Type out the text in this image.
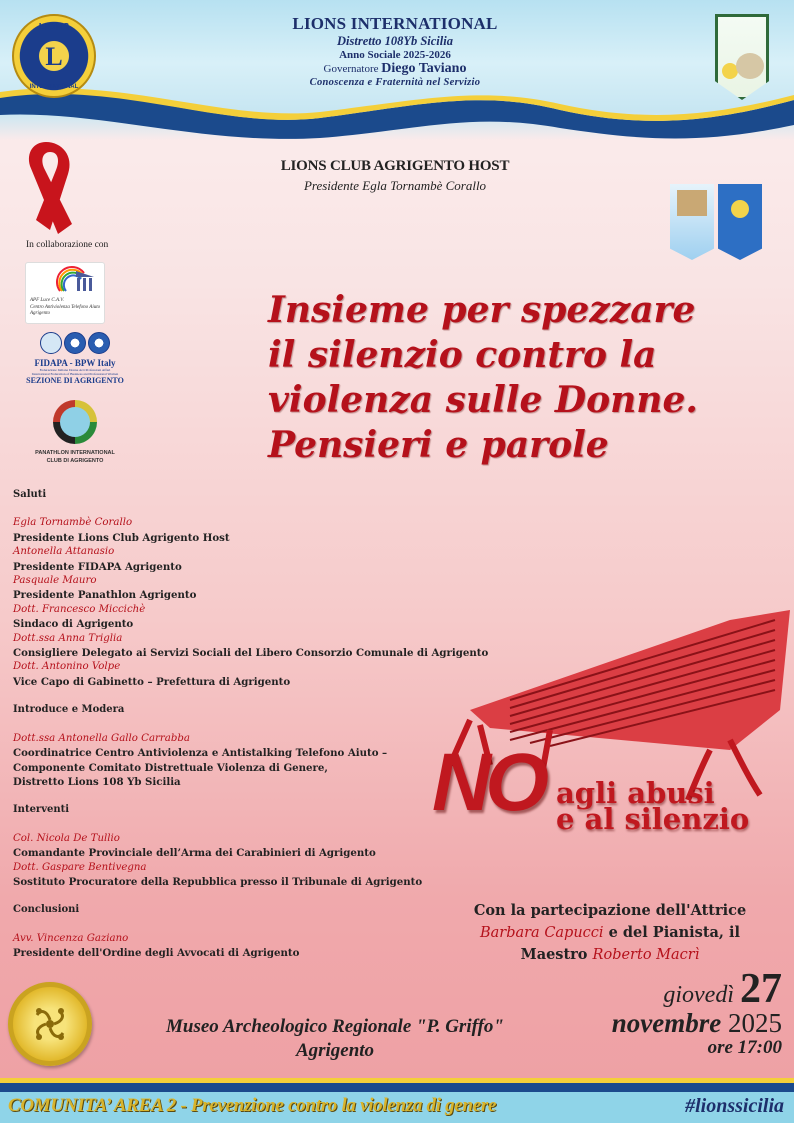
LIONS
L
INTERNATIONAL
LIONS INTERNATIONAL
Distretto 108Yb Sicilia
Anno Sociale 2025-2026
Governatore Diego Taviano
Conoscenza e Fraternità nel Servizio
LIONS CLUB AGRIGENTO HOST
Presidente Egla Tornambè Corallo
In collaborazione con
APF Luce C.A.V.
Centro Antiviolenza Telefono Aiuto
Agrigento
FIDAPA - BPW Italy
Federazione Italiana Donne Arti Professioni Affari
International Federation of Business and Professional Women
SEZIONE DI AGRIGENTO
PANATHLON INTERNATIONAL
CLUB DI AGRIGENTO
Insieme per spezzare
il silenzio contro la
violenza sulle Donne.
Pensieri e parole
Saluti
Egla Tornambè Corallo
Presidente Lions Club Agrigento Host
Antonella Attanasio
Presidente FIDAPA Agrigento
Pasquale Mauro
Presidente Panathlon Agrigento
Dott. Francesco Miccichè
Sindaco di Agrigento
Dott.ssa Anna Triglia
Consigliere Delegato ai Servizi Sociali del Libero Consorzio Comunale di Agrigento
Dott. Antonino Volpe
Vice Capo di Gabinetto – Prefettura di Agrigento
Introduce e Modera
Dott.ssa Antonella Gallo Carrabba
Coordinatrice Centro Antiviolenza e Antistalking Telefono Aiuto –
Componente Comitato Distrettuale Violenza di Genere,
Distretto Lions 108 Yb Sicilia
Interventi
Col. Nicola De Tullio
Comandante Provinciale dell’Arma dei Carabinieri di Agrigento
Dott. Gaspare Bentivegna
Sostituto Procuratore della Repubblica presso il Tribunale di Agrigento
Conclusioni
Avv. Vincenza Gaziano
Presidente dell'Ordine degli Avvocati di Agrigento
NO agli abusi
e al silenzio
Con la partecipazione dell'Attrice
Barbara Capucci e del Pianista, il
Maestro Roberto Macrì
Museo Archeologico Regionale "P. Griffo"
Agrigento
giovedì 27
novembre 2025
ore 17:00
COMUNITA’ AREA 2 - Prevenzione contro la violenza di genere	#lionssicilia
